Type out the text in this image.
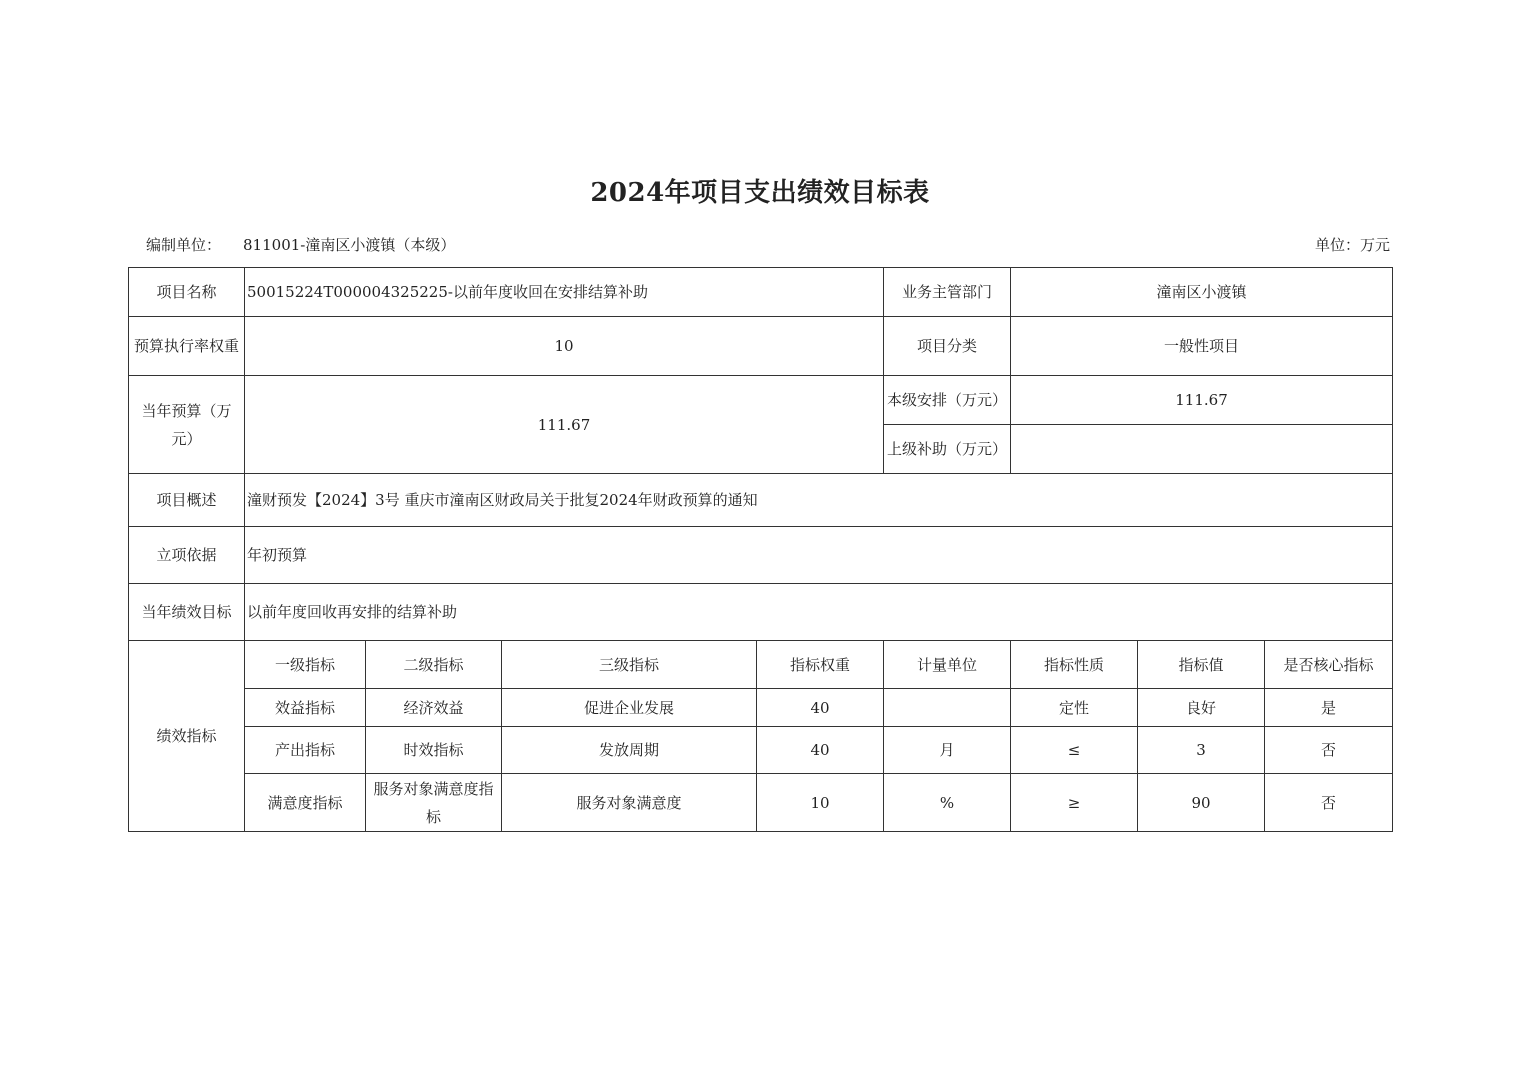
2024年项目支出绩效目标表
编制单位： 811001-潼南区小渡镇（本级）	单位：万元
项目名称	50015224T000004325225-以前年度收回在安排结算补助				业务主管部门	潼南区小渡镇		
预算执行率权重	10				项目分类	一般性项目		
当年预算（万元）	111.67				本级安排（万元）	111.67		
					上级补助（万元）			
项目概述	潼财预发【2024】3号 重庆市潼南区财政局关于批复2024年财政预算的通知							
立项依据	年初预算							
当年绩效目标	以前年度回收再安排的结算补助							
绩效指标	一级指标	二级指标	三级指标	指标权重	计量单位	指标性质	指标值	是否核心指标
	效益指标	经济效益	促进企业发展	40		定性	良好	是
	产出指标	时效指标	发放周期	40	月	≤	3	否
	满意度指标	服务对象满意度指标	服务对象满意度	10	%	≥	90	否
